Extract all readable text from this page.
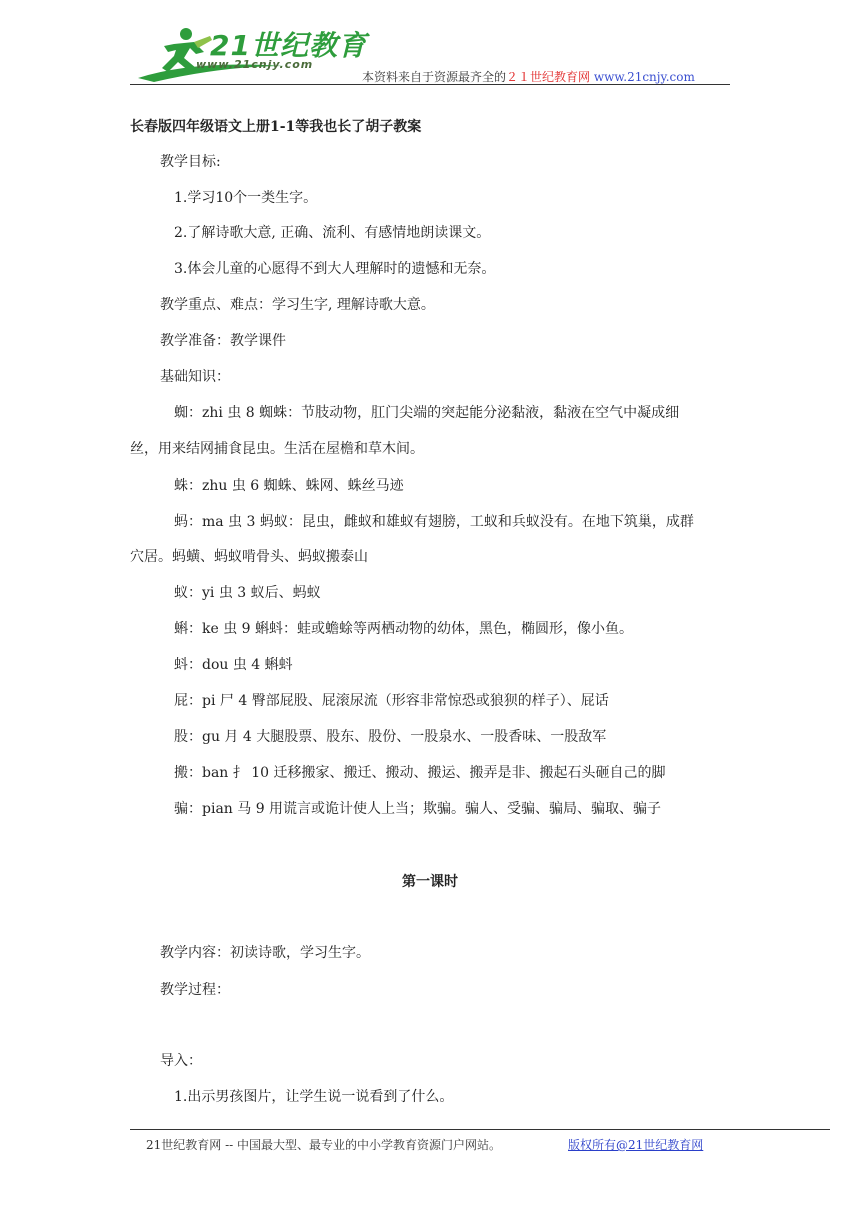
21世纪教育
www.21cnjy.com
本资料来自于资源最齐全的２１世纪教育网 www.21cnjy.com
长春版四年级语文上册1-1等我也长了胡子教案
教学目标:
1.学习10个一类生字。
2.了解诗歌大意, 正确、流利、有感情地朗读课文。
3.体会儿童的心愿得不到大人理解时的遗憾和无奈。
教学重点、难点：学习生字, 理解诗歌大意。
教学准备：教学课件
基础知识：
蜘：zhi 虫 8 蜘蛛：节肢动物，肛门尖端的突起能分泌黏液，黏液在空气中凝成细
丝，用来结网捕食昆虫。生活在屋檐和草木间。
蛛：zhu 虫 6 蜘蛛、蛛网、蛛丝马迹
蚂：ma 虫 3 蚂蚁：昆虫，雌蚁和雄蚁有翅膀，工蚁和兵蚁没有。在地下筑巢，成群
穴居。蚂蟥、蚂蚁啃骨头、蚂蚁搬泰山
蚁：yi 虫 3 蚁后、蚂蚁
蝌：ke 虫 9 蝌蚪：蛙或蟾蜍等两栖动物的幼体，黑色，椭圆形，像小鱼。
蚪：dou 虫 4 蝌蚪
屁：pi 尸 4 臀部屁股、屁滚尿流（形容非常惊恐或狼狈的样子）、屁话
股：gu 月 4 大腿股票、股东、股份、一股泉水、一股香味、一股敌军
搬：ban 扌 10 迁移搬家、搬迁、搬动、搬运、搬弄是非、搬起石头砸自己的脚
骗：pian 马 9 用谎言或诡计使人上当；欺骗。骗人、受骗、骗局、骗取、骗子
第一课时
教学内容：初读诗歌，学习生字。
教学过程：
导入：
1.出示男孩图片，让学生说一说看到了什么。
21世纪教育网 -- 中国最大型、最专业的中小学教育资源门户网站。	版权所有@21世纪教育网
